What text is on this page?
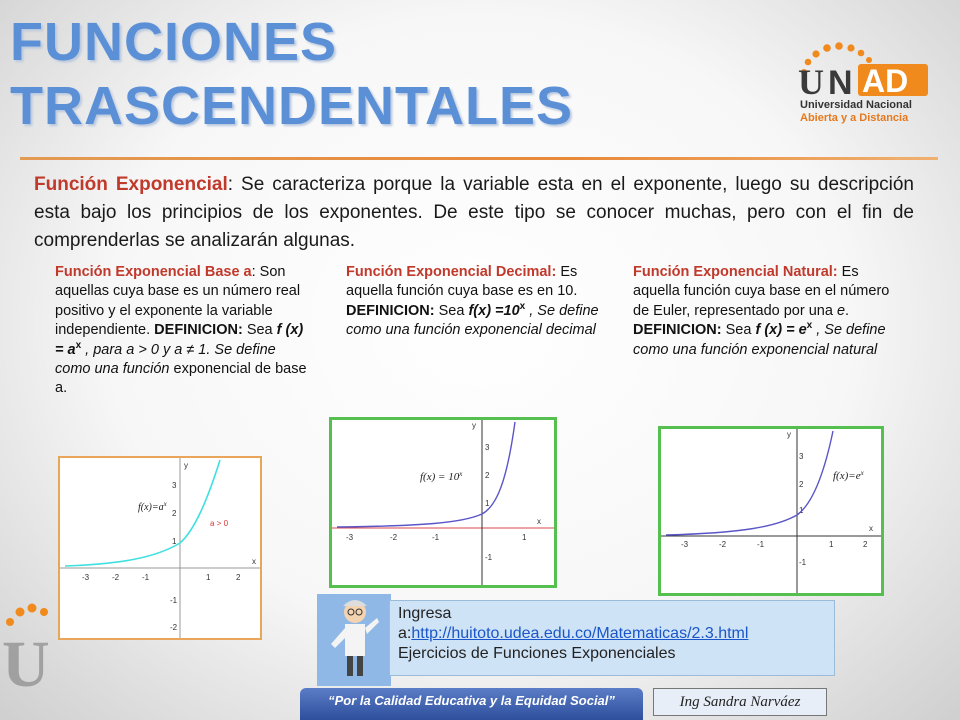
FUNCIONES
TRASCENDENTALES	U N AD
Universidad Nacional
Abierta y a Distancia

Función Exponencial: Se caracteriza porque la variable esta en el exponente, luego su descripción esta bajo los principios de los exponentes. De este tipo se conocer muchas, pero con el fin de comprenderlas se analizarán algunas.

Función Exponencial Base a: Son aquellas cuya base es un número real positivo y el exponente la variable independiente. DEFINICION: Sea f $(x) = a^x$ , para a > 0 y a ≠ 1. Se define como una función exponencial de base a.
Función Exponencial Decimal: Es aquella función cuya base es en 10.
DEFINICION: Sea $f(x) =10^x$ , Se define como una función exponencial decimal
Función Exponencial Natural: Es aquella función cuya base en el número de Euler, representado por una e.
DEFINICION: Sea f $(x) = e^x$ , Se define como una función exponencial natural
-3	-2	-1	1	2
3
2
1
-1
-2
x
y
a > 0
$f(x)=a^x$
-3	-2	-1	1
3
2
1
-1
x
y
$f(x) = 10^x$
-3	-2	-1	1	2
3
2
1
-1
x
y
$f(x)=e^x$
Ingresa
a:http://huitoto.udea.edu.co/Matematicas/2.3.html
Ejercicios de Funciones Exponenciales
“Por la Calidad Educativa y la Equidad Social”	Ing Sandra Narváez
U
